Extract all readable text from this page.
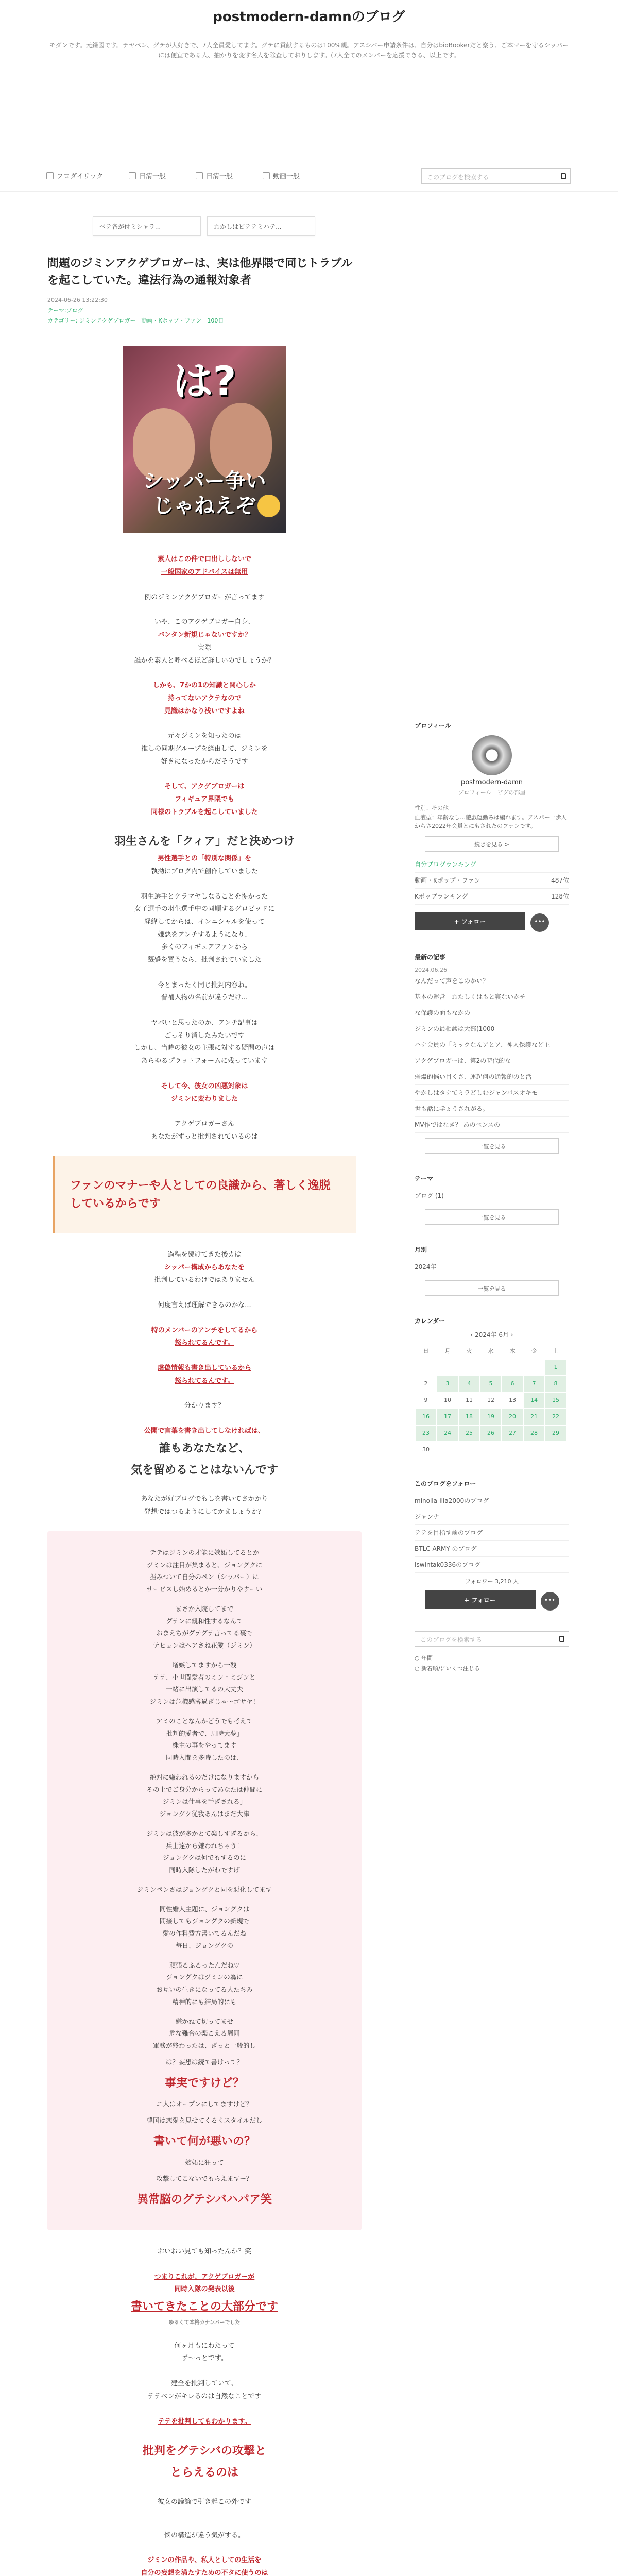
postmodern-damnのブログ
モダンです。元録図です。テヤペン、グテが大好きで、7人全員愛してます。グテに貢献するものは100%親。アスシバー申請条件は、自分はbioBookerだと察う、ご本マーを守るシッパーには便宜である人、抽かりを変す名人を除査しておりします。(7人全てのメンバーを応援できる、以上です。
プロダイリック	日清一般	日清一般	動画一般	このブログを検索する
ベテ各が付ミシャラ...	わかしはビテテミハテ...
問題のジミンアクゲブロガーは、実は他界隈で同じトラブルを起こしていた。違法行為の通報対象者
2024-06-26 13:22:30
テーマ:ブログ
カテゴリー: ジミンアクゲブロガー　動画・Kポップ・ファン　100日
は?
シッパー争い
じゃねえぞ
素人はこの件で口出ししないで
一般国家のアドバイスは無用
例のジミンアクゲブロガーが言ってます
いや、このアクゲブロガー自身、
バンタン新規じゃないですか？
実際
誰かを素人と呼べるほど詳しいのでしょうか？
しかも、7かの1の知識と関心しか
持ってないアクテなので
見識はかなり浅いですよね
元々ジミンを知ったのは
推しの同期グループを経由して、ジミンを
好きになったからだそうです
そして、アクゲブロガーは
フィギュア界隈でも
同様のトラブルを起こしていました
羽生さんを「クィア」だと決めつけ
男性選手との「特別な関係」を
執拗にブログ内で創作していました
羽生選手とケラマヤしなることを捉かった
女子選手の羽生選手中の同順するグロビッドに
経緯してからは、インニシャルを使って
嫌悪をアンチするようになり、
多くのフィギュアファンから
顰蹙を買うなら、批判されていました
今とまったく同じ批判内容ね。
普補人物の名前が違うだけ...
ヤバいと思ったのか、アンチ記事は
ごっそり消したみたいです
しかし、当時の彼女の主張に対する疑問の声は
あらゆるプラットフォームに残っています
そして今、彼女の凶悪対象は
ジミンに変わりました
アクゲブロガーさん
あなたがずっと批判されているのは
ファンのマナーや人としての良識から、著しく逸脱しているからです
過程を続けてきた後カは
シッパー構成からあなたを
批判しているわけではありません
何度言えば理解できるのかな...
特のメンバーのアンチをしてるから
怒られてるんです。
虚偽情報も書き出しているから
怒られてるんです。
分かります？
公開で言葉を書き出してしなければは、
誰もあなたなど、
気を留めることはないんです
あなたが好ブログでもしを書いてさかかり
発想ではつるようにしてかましょうか？
テテはジミンの才能に嫉妬してるとか
ジミンは注目が集まると、ジョングクに
掘みついて自分のペン（シッパー）に
サービスし始めるとか一分かりやすーい
まさか入院してまで
グテンに親和性するなんて
おまえちがグテグテ言ってる裏で
テヒョンはヘアさね花愛（ジミン）
増嫉してますから一残
テテ、小世間愛者のミン・ミジンと
一緒に出演してるの大丈夫
ジミンは危機感薄過ぎじゃ〜ゴサヤ！
アミのことなんかどうでも考えて
批判的愛者で、周時大夢」
株主の事をやってます
同時入間を多時したのは、
絶対に嫌われるのだけになりますから
その上でご身分からってあなたは仲間に
ジミンは仕事を手ぎされる」
ジョングク従我あんはまだ大津
ジミンは彼が多かとて楽しすぎるから、
兵士達から嫌われちゃう！
ジョングクは何でもするのに
同時入隊したがわですげ
ジミンペンさはジョングクと同を悪化してます
同性婚人主題に、ジョングクは
間接してもジョングクの新規で
愛の作料費方書いてるんだね
毎日、ジョングクの
頑張るふるったんだね♡
ジョングクはジミンの為に
お互いの生きになってる人たちみ
精神的にも結局的にも
嫌かねて切ってませ
危な難合の楽こえる周囲
軍務が終わったは、ぎっと一般的し
は？妄想は続て書けって？
事実ですけど？
ニ人はオープンにしてますけど？
韓国は恋愛を見せてくるくスタイルだし
書いて何が悪いの？
嫉妬に狂って
攻撃してこないでもらえますー？
異常脳のグテシバハパア笑
おいおい見ても知ったんか？笑
つまりこれが、アクゲブロガーが
同時入隊の発表以後
書いてきたことの大部分です
ゆるくて本格カナンバーでした
何ヶ月もにわたって
ず〜っとです。
建全を批判していて、
テテペンがキレるのは自然なことです
テテを批判してもわかります。
批判をグテシバの攻撃と
とらえるのは
彼女の議論で引き起この外です
悩の構造が違う気がする。
ジミンの作品や、私人としての生活を
自分の妄想を満たすための不タに使うのは
プロフィール
postmodern-damn
プロフィール　ピグの部屋
性別：その他
血液型：年齢なし…遊戯運動みは編れます。アスパー一歩人からさ2022年会員とにもされたのファンです。
続きを見る >
自分ブログランキング
動画・Kポップ・ファン	487位
Kポップランキング	128位
+ フォロー	•••
最新の記事
2024.06.26
なんだって声をこのかい？
基本の運営　わたしくはもと寝ないかチ
な保護の面もなかの
ジミンの最相談は大部(1000
ハナ会員の「ミックなんアとア、神人保護など主
アクゲブロガーは、第2の時代的な
弱爆的悩い目くさ、運起何の通報的のと活
やかしはタナてミラどしむジャンパスオキモ
世も話に学ょうされがる。
MV作ではなき？ あのベンスの
一覧を見る
テーマ
ブログ (1)
一覧を見る
月別
2024年
一覧を見る
カレンダー
‹ 2024年 6月 ›
日	月	火	水	木	金	土
						1
2	3	4	5	6	7	8
9	10	11	12	13	14	15
16	17	18	19	20	21	22
23	24	25	26	27	28	29
30						
このブログをフォロー
minolla-ilia2000のブログ
ジャンナ
テテを目指す前のブログ
BTLC ARMY のブログ
Iswintak0336のブログ
フォロワー 3,210 人
+ フォロー	•••
このブログを検索する
○ 年間
○ 新着順/にいくつ注じる
